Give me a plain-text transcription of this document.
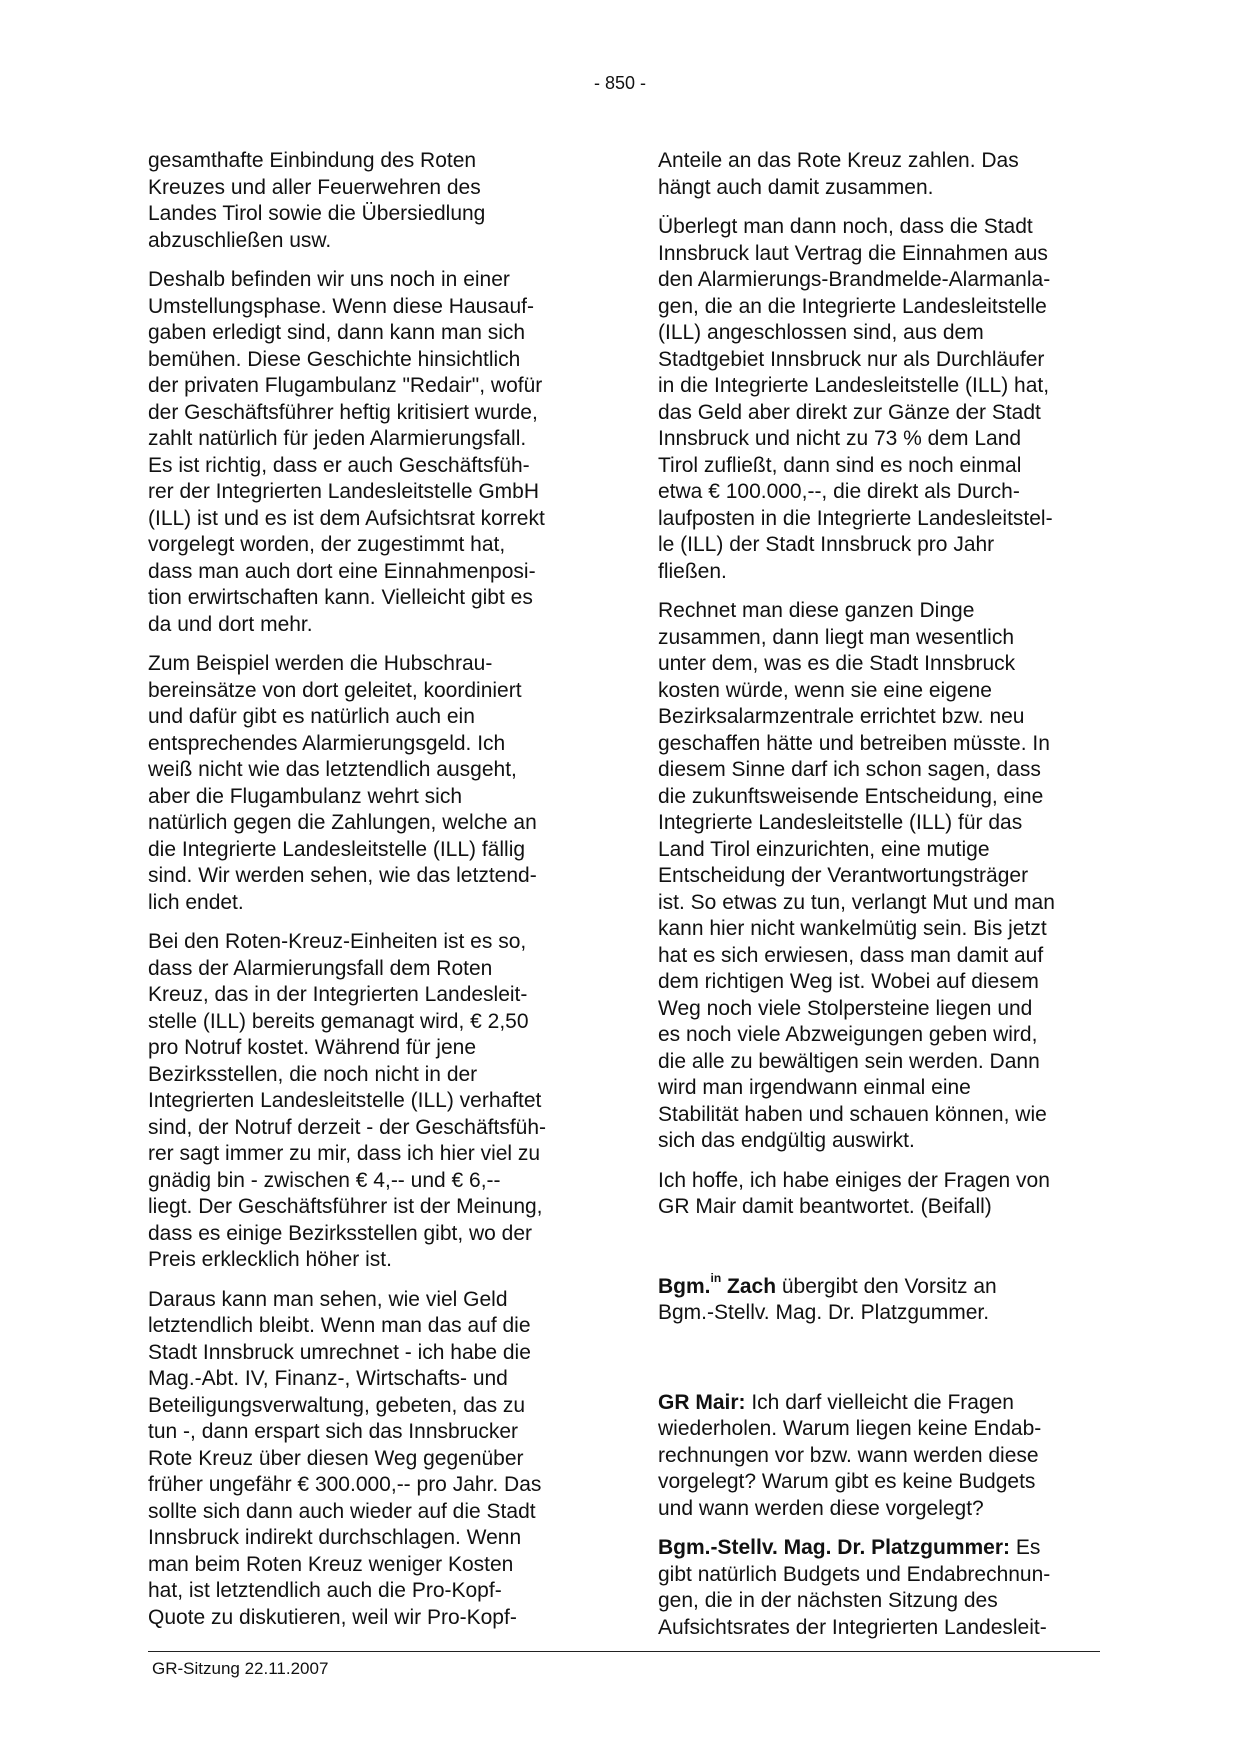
- 850 -
gesamthafte Einbindung des Roten
Kreuzes und aller Feuerwehren des
Landes Tirol sowie die Übersiedlung
abzuschließen usw.
Deshalb befinden wir uns noch in einer
Umstellungsphase. Wenn diese Hausauf-
gaben erledigt sind, dann kann man sich
bemühen. Diese Geschichte hinsichtlich
der privaten Flugambulanz "Redair", wofür
der Geschäftsführer heftig kritisiert wurde,
zahlt natürlich für jeden Alarmierungsfall.
Es ist richtig, dass er auch Geschäftsfüh-
rer der Integrierten Landesleitstelle GmbH
(ILL) ist und es ist dem Aufsichtsrat korrekt
vorgelegt worden, der zugestimmt hat,
dass man auch dort eine Einnahmenposi-
tion erwirtschaften kann. Vielleicht gibt es
da und dort mehr.
Zum Beispiel werden die Hubschrau-
bereinsätze von dort geleitet, koordiniert
und dafür gibt es natürlich auch ein
entsprechendes Alarmierungsgeld. Ich
weiß nicht wie das letztendlich ausgeht,
aber die Flugambulanz wehrt sich
natürlich gegen die Zahlungen, welche an
die Integrierte Landesleitstelle (ILL) fällig
sind. Wir werden sehen, wie das letztend-
lich endet.
Bei den Roten-Kreuz-Einheiten ist es so,
dass der Alarmierungsfall dem Roten
Kreuz, das in der Integrierten Landesleit-
stelle (ILL) bereits gemanagt wird, € 2,50
pro Notruf kostet. Während für jene
Bezirksstellen, die noch nicht in der
Integrierten Landesleitstelle (ILL) verhaftet
sind, der Notruf derzeit - der Geschäftsfüh-
rer sagt immer zu mir, dass ich hier viel zu
gnädig bin - zwischen € 4,-- und € 6,--
liegt. Der Geschäftsführer ist der Meinung,
dass es einige Bezirksstellen gibt, wo der
Preis erklecklich höher ist.
Daraus kann man sehen, wie viel Geld
letztendlich bleibt. Wenn man das auf die
Stadt Innsbruck umrechnet - ich habe die
Mag.-Abt. IV, Finanz-, Wirtschafts- und
Beteiligungsverwaltung, gebeten, das zu
tun -, dann erspart sich das Innsbrucker
Rote Kreuz über diesen Weg gegenüber
früher ungefähr € 300.000,-- pro Jahr. Das
sollte sich dann auch wieder auf die Stadt
Innsbruck indirekt durchschlagen. Wenn
man beim Roten Kreuz weniger Kosten
hat, ist letztendlich auch die Pro-Kopf-
Quote zu diskutieren, weil wir Pro-Kopf-
Anteile an das Rote Kreuz zahlen. Das
hängt auch damit zusammen.
Überlegt man dann noch, dass die Stadt
Innsbruck laut Vertrag die Einnahmen aus
den Alarmierungs-Brandmelde-Alarmanla-
gen, die an die Integrierte Landesleitstelle
(ILL) angeschlossen sind, aus dem
Stadtgebiet Innsbruck nur als Durchläufer
in die Integrierte Landesleitstelle (ILL) hat,
das Geld aber direkt zur Gänze der Stadt
Innsbruck und nicht zu 73 % dem Land
Tirol zufließt, dann sind es noch einmal
etwa € 100.000,--, die direkt als Durch-
laufposten in die Integrierte Landesleitstel-
le (ILL) der Stadt Innsbruck pro Jahr
fließen.
Rechnet man diese ganzen Dinge
zusammen, dann liegt man wesentlich
unter dem, was es die Stadt Innsbruck
kosten würde, wenn sie eine eigene
Bezirksalarmzentrale errichtet bzw. neu
geschaffen hätte und betreiben müsste. In
diesem Sinne darf ich schon sagen, dass
die zukunftsweisende Entscheidung, eine
Integrierte Landesleitstelle (ILL) für das
Land Tirol einzurichten, eine mutige
Entscheidung der Verantwortungsträger
ist. So etwas zu tun, verlangt Mut und man
kann hier nicht wankelmütig sein. Bis jetzt
hat es sich erwiesen, dass man damit auf
dem richtigen Weg ist. Wobei auf diesem
Weg noch viele Stolpersteine liegen und
es noch viele Abzweigungen geben wird,
die alle zu bewältigen sein werden. Dann
wird man irgendwann einmal eine
Stabilität haben und schauen können, wie
sich das endgültig auswirkt.
Ich hoffe, ich habe einiges der Fragen von
GR Mair damit beantwortet. (Beifall)
Bgm.$^{in}$ Zach übergibt den Vorsitz an
Bgm.-Stellv. Mag. Dr. Platzgummer.
GR Mair: Ich darf vielleicht die Fragen
wiederholen. Warum liegen keine Endab-
rechnungen vor bzw. wann werden diese
vorgelegt? Warum gibt es keine Budgets
und wann werden diese vorgelegt?
Bgm.-Stellv. Mag. Dr. Platzgummer: Es
gibt natürlich Budgets und Endabrechnun-
gen, die in der nächsten Sitzung des
Aufsichtsrates der Integrierten Landesleit-
GR-Sitzung 22.11.2007
